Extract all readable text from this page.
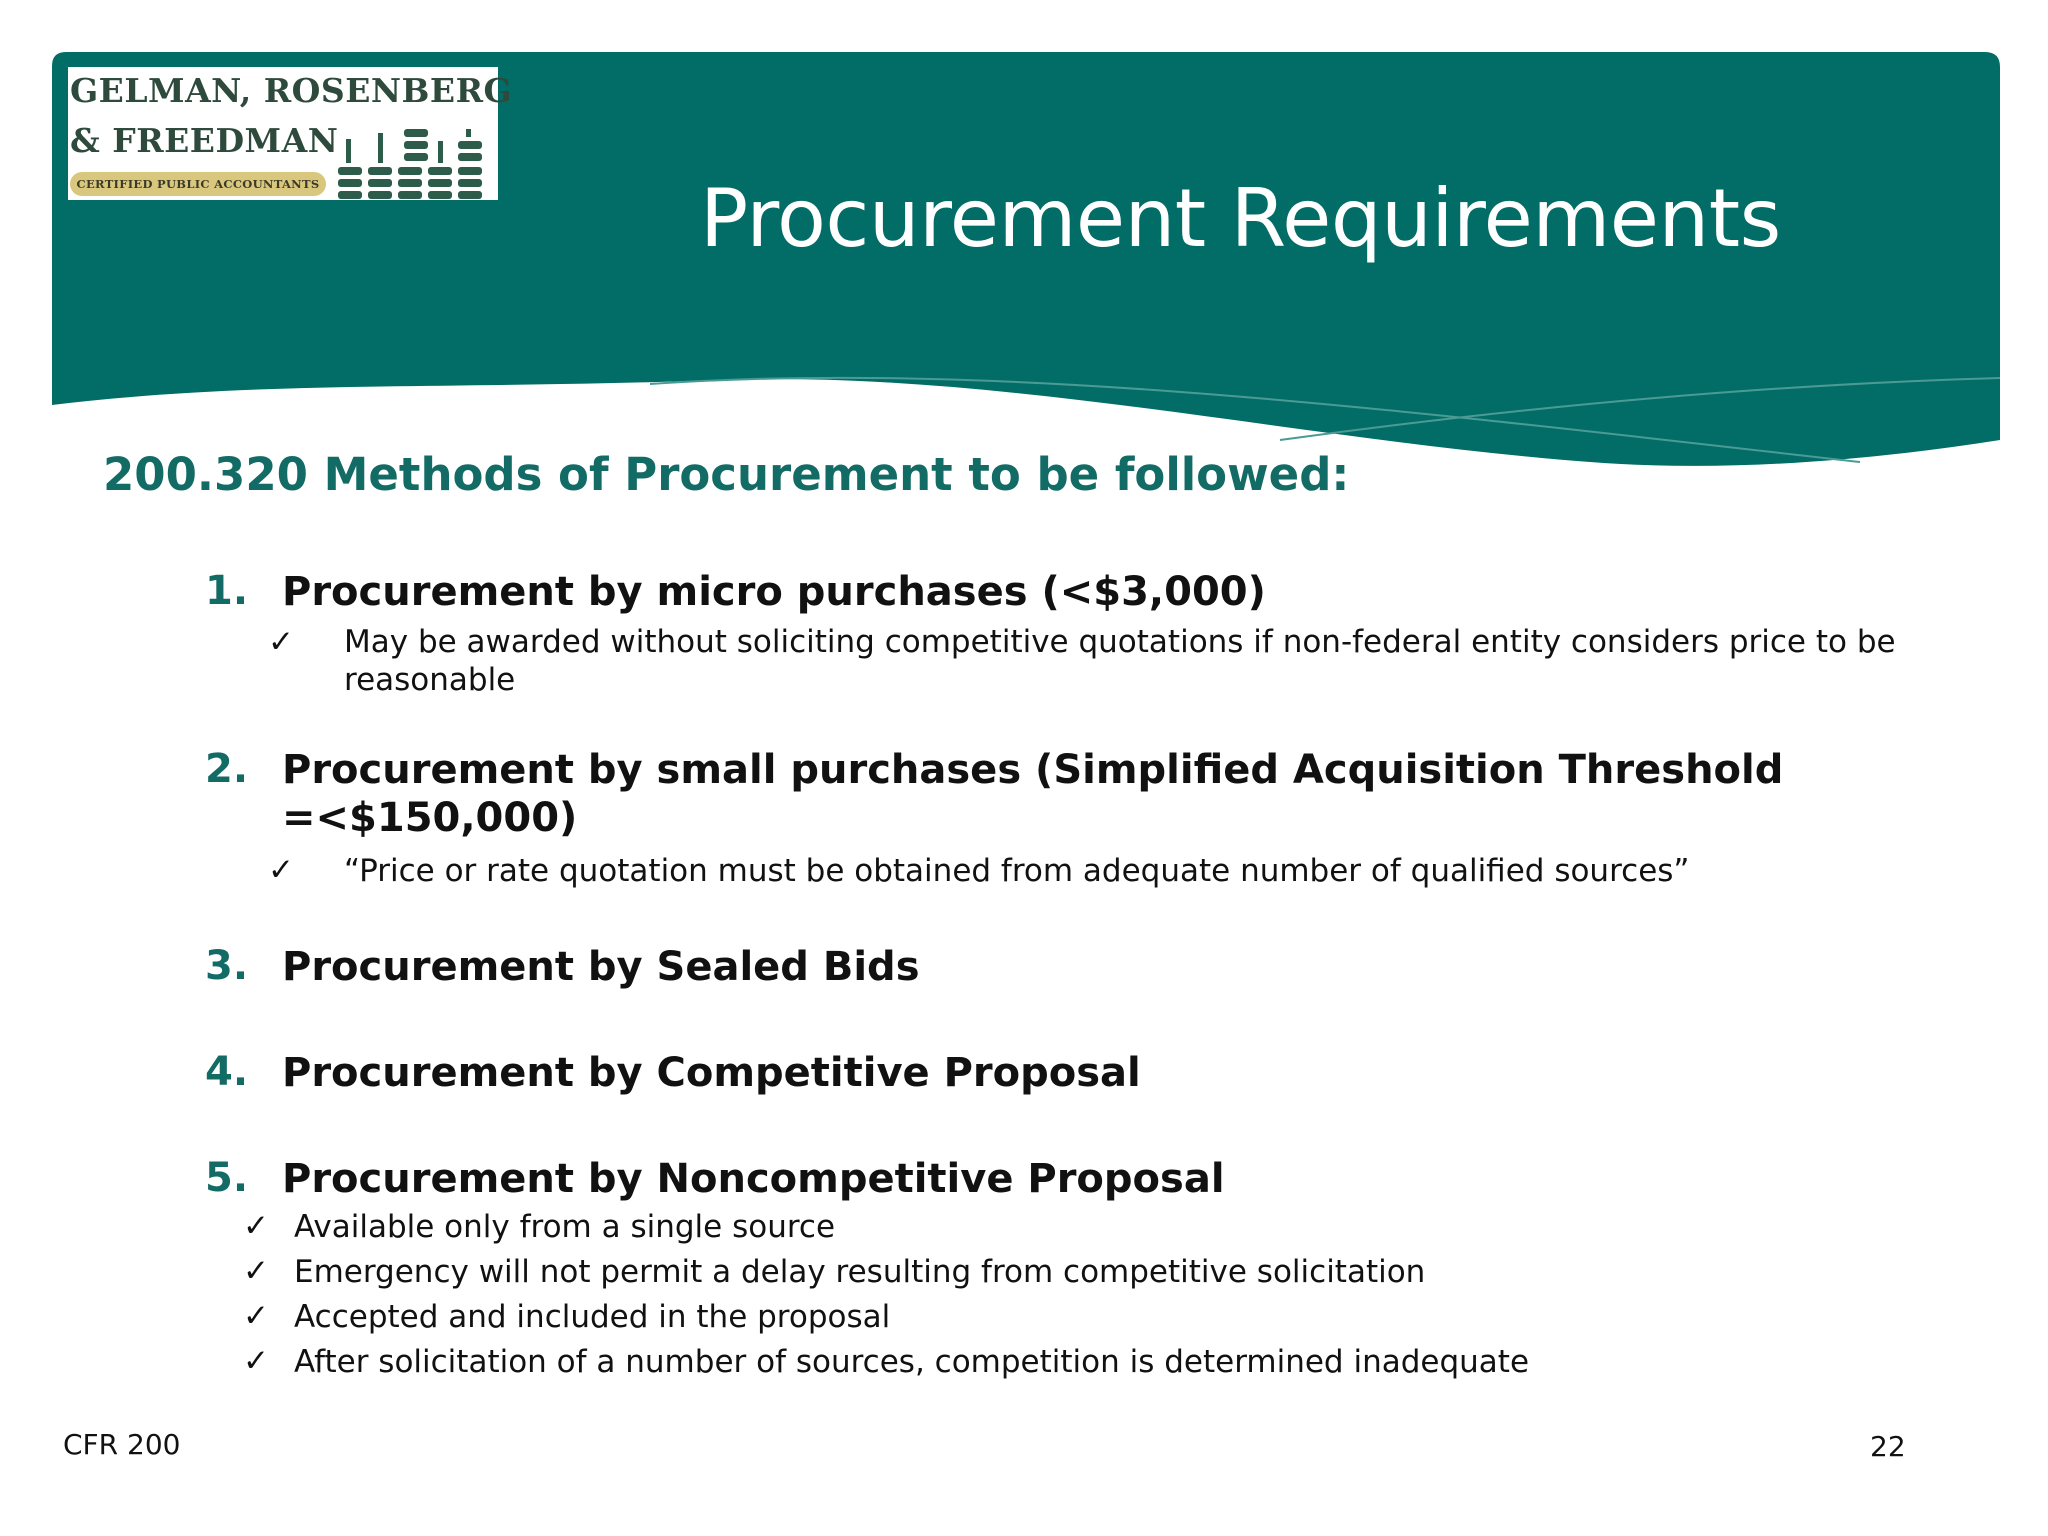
GELMAN, ROSENBERG
& FREEDMAN
CERTIFIED PUBLIC ACCOUNTANTS	Procurement Requirements
200.320 Methods of Procurement to be followed:
1. Procurement by micro purchases (<$3,000)
✓ May be awarded without soliciting competitive quotations if non-federal entity considers price to be
reasonable
2. Procurement by small purchases (Simplified Acquisition Threshold
=<$150,000)
✓ “Price or rate quotation must be obtained from adequate number of qualified sources”
3. Procurement by Sealed Bids
4. Procurement by Competitive Proposal
5. Procurement by Noncompetitive Proposal
✓ Available only from a single source
✓ Emergency will not permit a delay resulting from competitive solicitation
✓ Accepted and included in the proposal
✓ After solicitation of a number of sources, competition is determined inadequate
CFR 200	22
